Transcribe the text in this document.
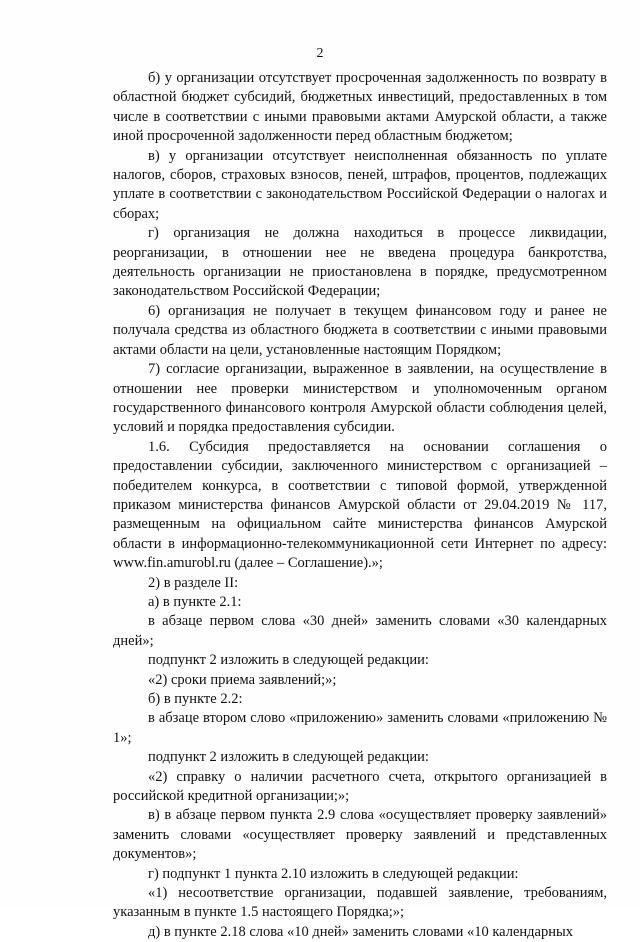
2

б) у организации отсутствует просроченная задолженность по возврату в областной бюджет субсидий, бюджетных инвестиций, предоставленных в том числе в соответствии с иными правовыми актами Амурской области, а также иной просроченной задолженности перед областным бюджетом;

в) у организации отсутствует неисполненная обязанность по уплате налогов, сборов, страховых взносов, пеней, штрафов, процентов, подлежащих уплате в соответствии с законодательством Российской Федерации о налогах и сборах;

г) организация не должна находиться в процессе ликвидации, реорганизации, в отношении нее не введена процедура банкротства, деятельность организации не приостановлена в порядке, предусмотренном законодательством Российской Федерации;

6) организация не получает в текущем финансовом году и ранее не получала средства из областного бюджета в соответствии с иными правовыми актами области на цели, установленные настоящим Порядком;

7) согласие организации, выраженное в заявлении, на осуществление в отношении нее проверки министерством и уполномоченным органом государственного финансового контроля Амурской области соблюдения целей, условий и порядка предоставления субсидии.

1.6. Субсидия предоставляется на основании соглашения о предоставлении субсидии, заключенного министерством с организацией – победителем конкурса, в соответствии с типовой формой, утвержденной приказом министерства финансов Амурской области от 29.04.2019 № 117, размещенным на официальном сайте министерства финансов Амурской области в информационно-телекоммуникационной сети Интернет по адресу: www.fin.amurobl.ru (далее – Соглашение).»;

2) в разделе II:

а) в пункте 2.1:

в абзаце первом слова «30 дней» заменить словами «30 календарных дней»;

подпункт 2 изложить в следующей редакции:

«2) сроки приема заявлений;»;

б) в пункте 2.2:

в абзаце втором слово «приложению» заменить словами «приложению № 1»;

подпункт 2 изложить в следующей редакции:

«2) справку о наличии расчетного счета, открытого организацией в российской кредитной организации;»;

в) в абзаце первом пункта 2.9 слова «осуществляет проверку заявлений» заменить словами «осуществляет проверку заявлений и представленных документов»;

г) подпункт 1 пункта 2.10 изложить в следующей редакции:

«1) несоответствие организации, подавшей заявление, требованиям, указанным в пункте 1.5 настоящего Порядка;»;

д) в пункте 2.18 слова «10 дней» заменить словами «10 календарных
